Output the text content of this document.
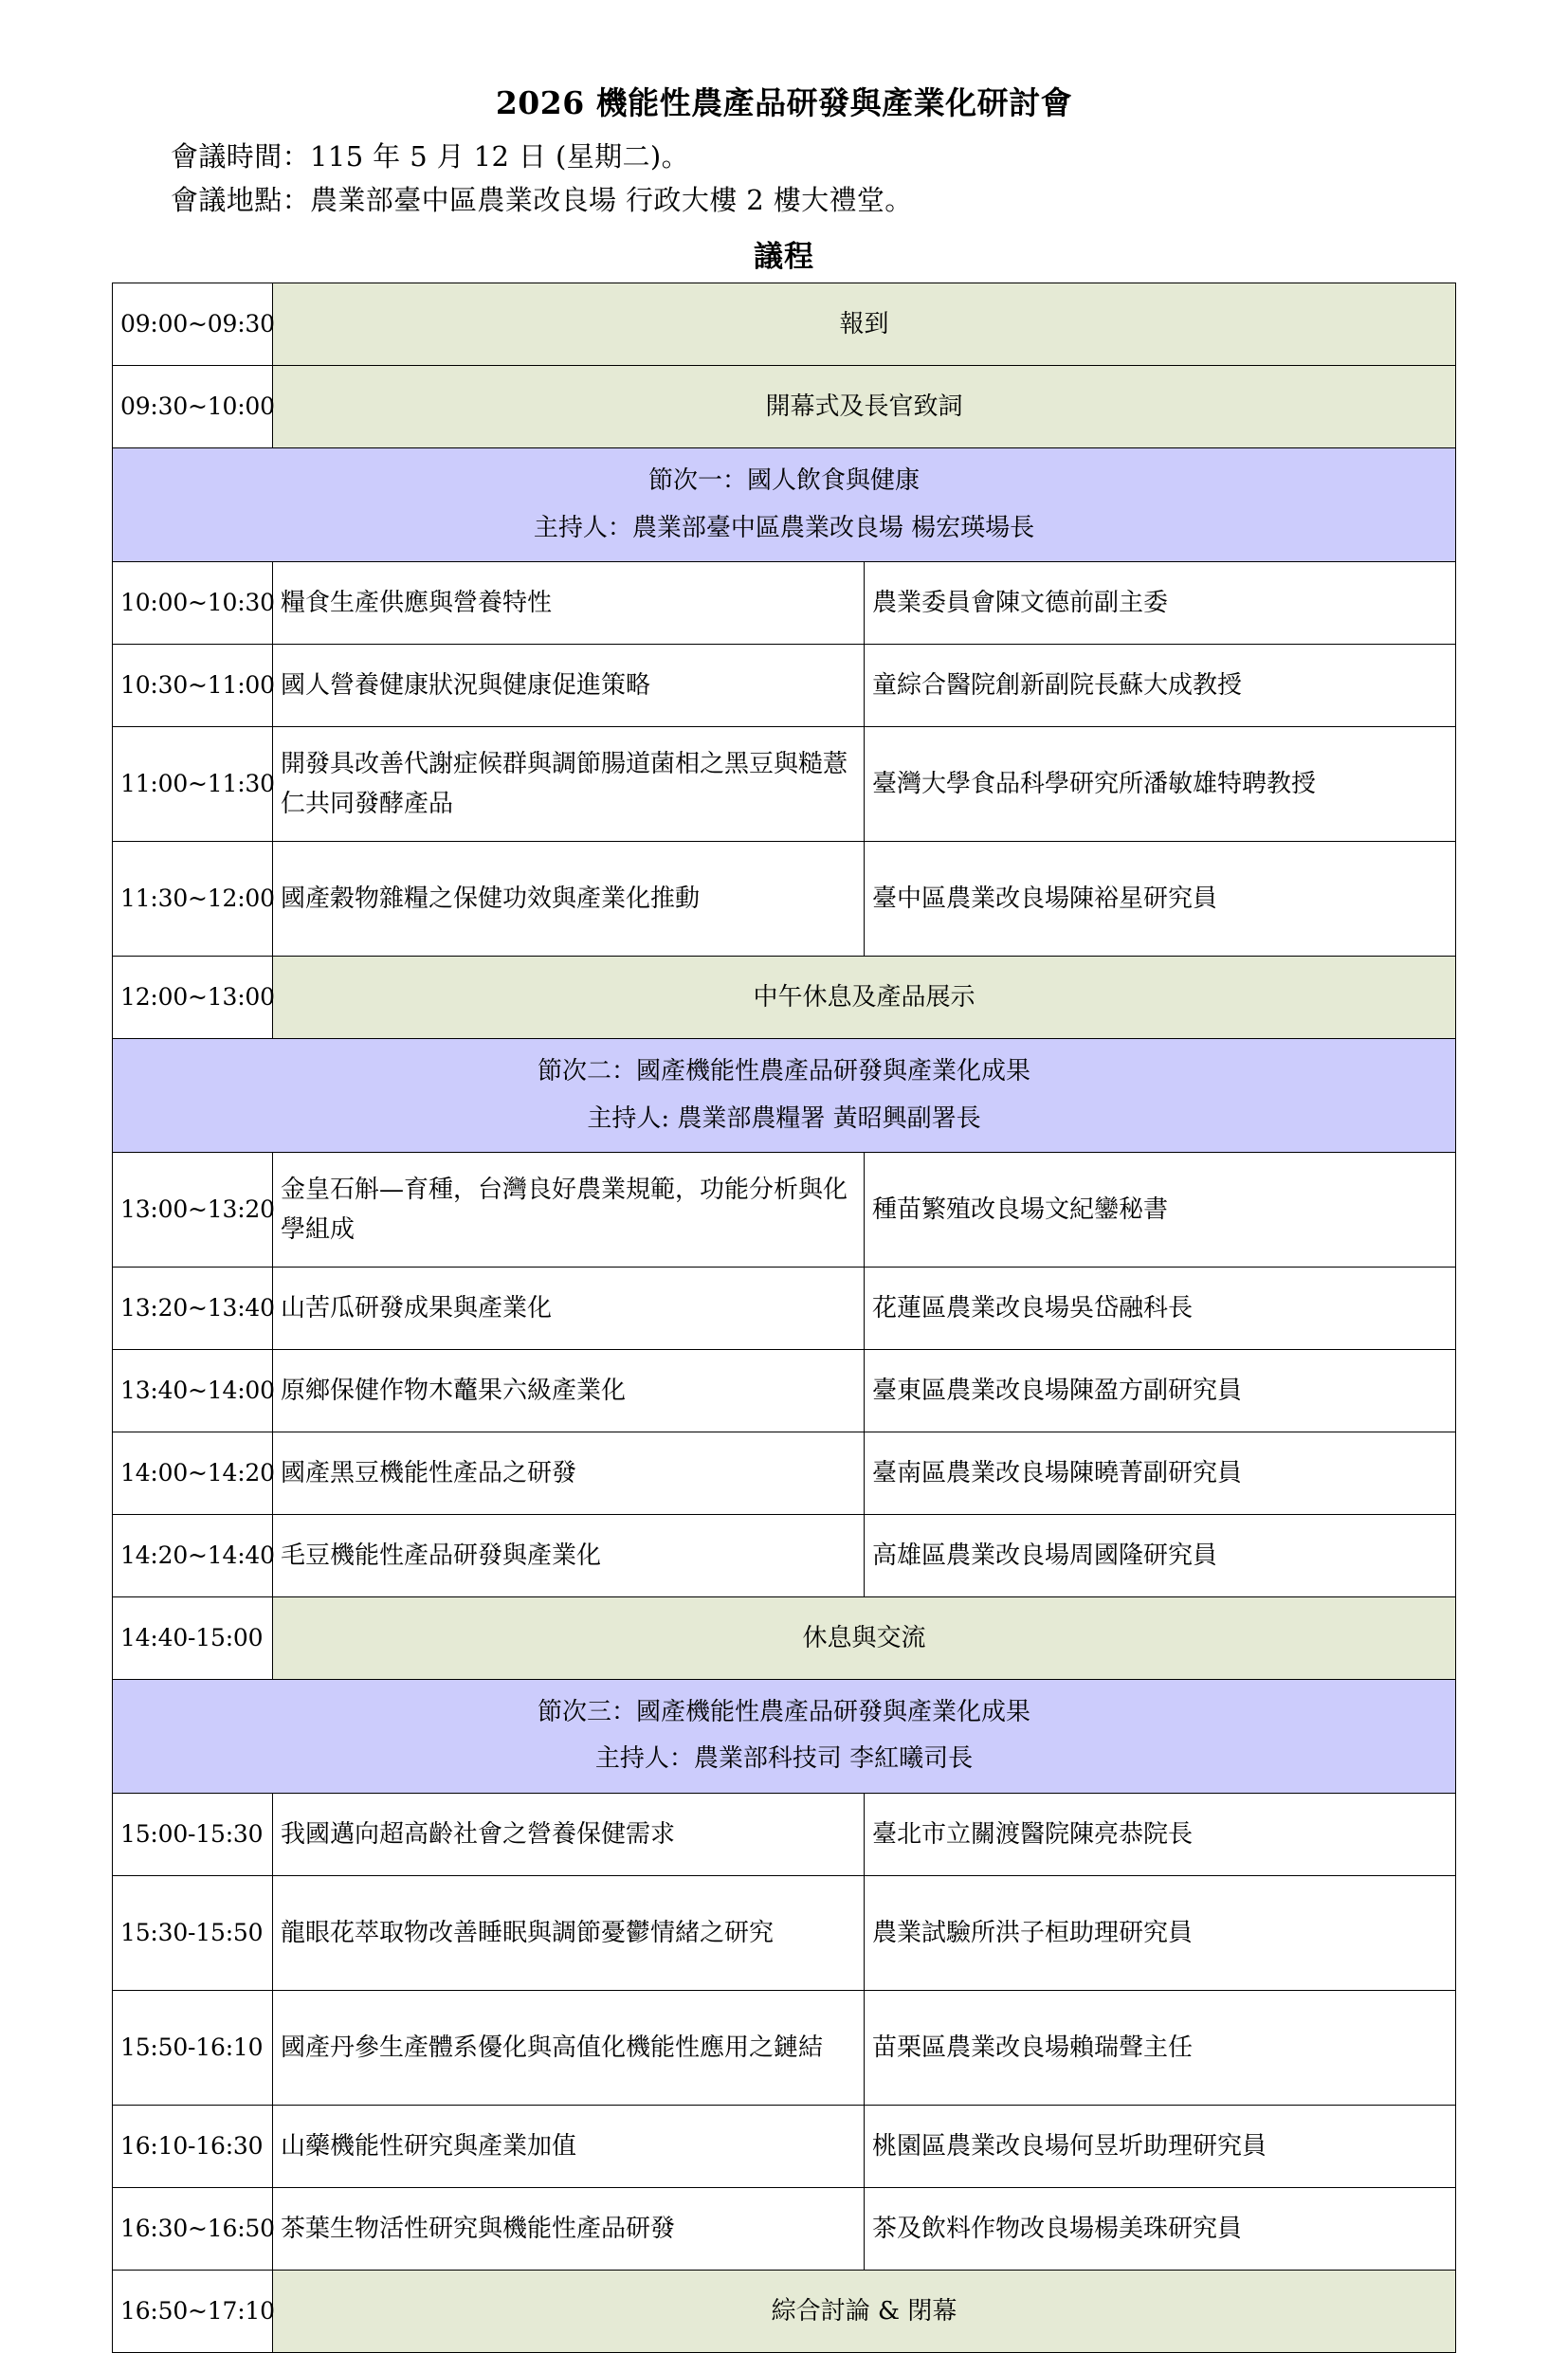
2026 機能性農產品研發與產業化研討會

會議時間：115 年 5 月 12 日 (星期二)。

會議地點：農業部臺中區農業改良場 行政大樓 2 樓大禮堂。

議程
09:00~09:30	報到	
09:30~10:00	開幕式及長官致詞	

節次一：國人飲食與健康
主持人：農業部臺中區農業改良場 楊宏瑛場長		

10:00~10:30	糧食生產供應與營養特性	農業委員會陳文德前副主委
10:30~11:00	國人營養健康狀況與健康促進策略	童綜合醫院創新副院長蘇大成教授
11:00~11:30	開發具改善代謝症候群與調節腸道菌相之黑豆與糙薏仁共同發酵產品	臺灣大學食品科學研究所潘敏雄特聘教授
11:30~12:00	國產穀物雜糧之保健功效與產業化推動	臺中區農業改良場陳裕星研究員
12:00~13:00	中午休息及產品展示	

節次二：國產機能性農產品研發與產業化成果
主持人: 農業部農糧署 黃昭興副署長		

13:00~13:20	金皇石斛—育種，台灣良好農業規範，功能分析與化學組成	種苗繁殖改良場文紀鑾秘書
13:20~13:40	山苦瓜研發成果與產業化	花蓮區農業改良場吳岱融科長
13:40~14:00	原鄉保健作物木虌果六級產業化	臺東區農業改良場陳盈方副研究員
14:00~14:20	國產黑豆機能性產品之研發	臺南區農業改良場陳曉菁副研究員
14:20~14:40	毛豆機能性產品研發與產業化	高雄區農業改良場周國隆研究員
14:40-15:00	休息與交流	

節次三：國產機能性農產品研發與產業化成果
主持人：農業部科技司 李紅曦司長		

15:00-15:30	我國邁向超高齡社會之營養保健需求	臺北市立關渡醫院陳亮恭院長
15:30-15:50	龍眼花萃取物改善睡眠與調節憂鬱情緒之研究	農業試驗所洪子桓助理研究員
15:50-16:10	國產丹參生產體系優化與高值化機能性應用之鏈結	苗栗區農業改良場賴瑞聲主任
16:10-16:30	山藥機能性研究與產業加值	桃園區農業改良場何昱圻助理研究員
16:30~16:50	茶葉生物活性研究與機能性產品研發	茶及飲料作物改良場楊美珠研究員
16:50~17:10	綜合討論 & 閉幕	
